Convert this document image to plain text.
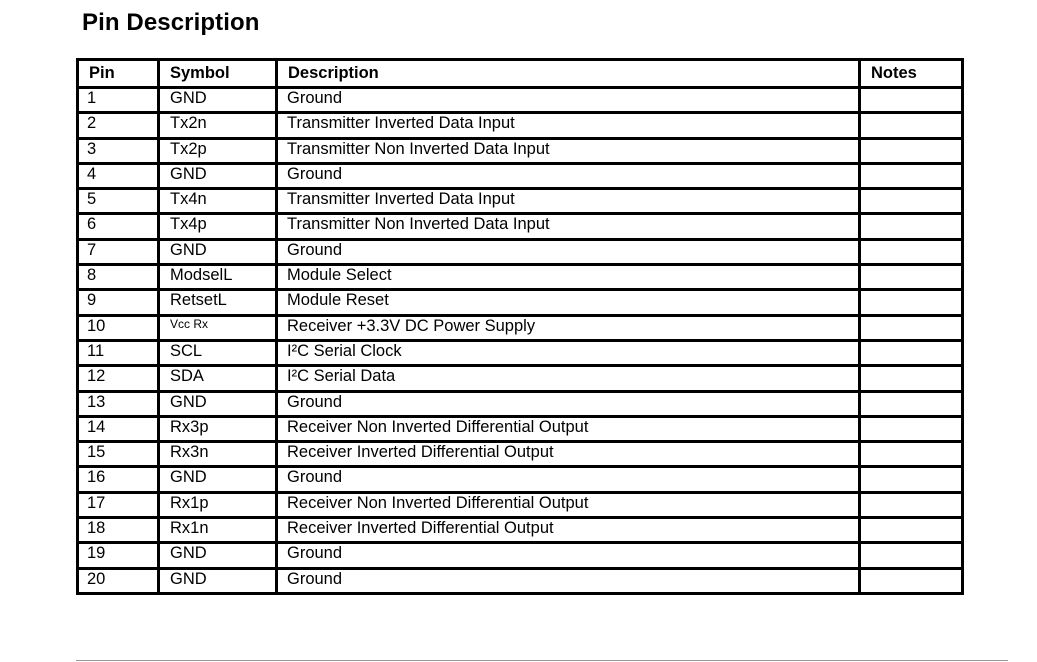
Pin Description
Pin	Symbol	Description	Notes
1	GND	Ground	
2	Tx2n	Transmitter Inverted Data Input	
3	Tx2p	Transmitter Non Inverted Data Input	
4	GND	Ground	
5	Tx4n	Transmitter Inverted Data Input	
6	Tx4p	Transmitter Non Inverted Data Input	
7	GND	Ground	
8	ModselL	Module Select	
9	RetsetL	Module Reset	
10	Vcc Rx	Receiver +3.3V DC Power Supply	
11	SCL	I²C Serial Clock	
12	SDA	I²C Serial Data	
13	GND	Ground	
14	Rx3p	Receiver Non Inverted Differential Output	
15	Rx3n	Receiver Inverted Differential Output	
16	GND	Ground	
17	Rx1p	Receiver Non Inverted Differential Output	
18	Rx1n	Receiver Inverted Differential Output	
19	GND	Ground	
20	GND	Ground	
